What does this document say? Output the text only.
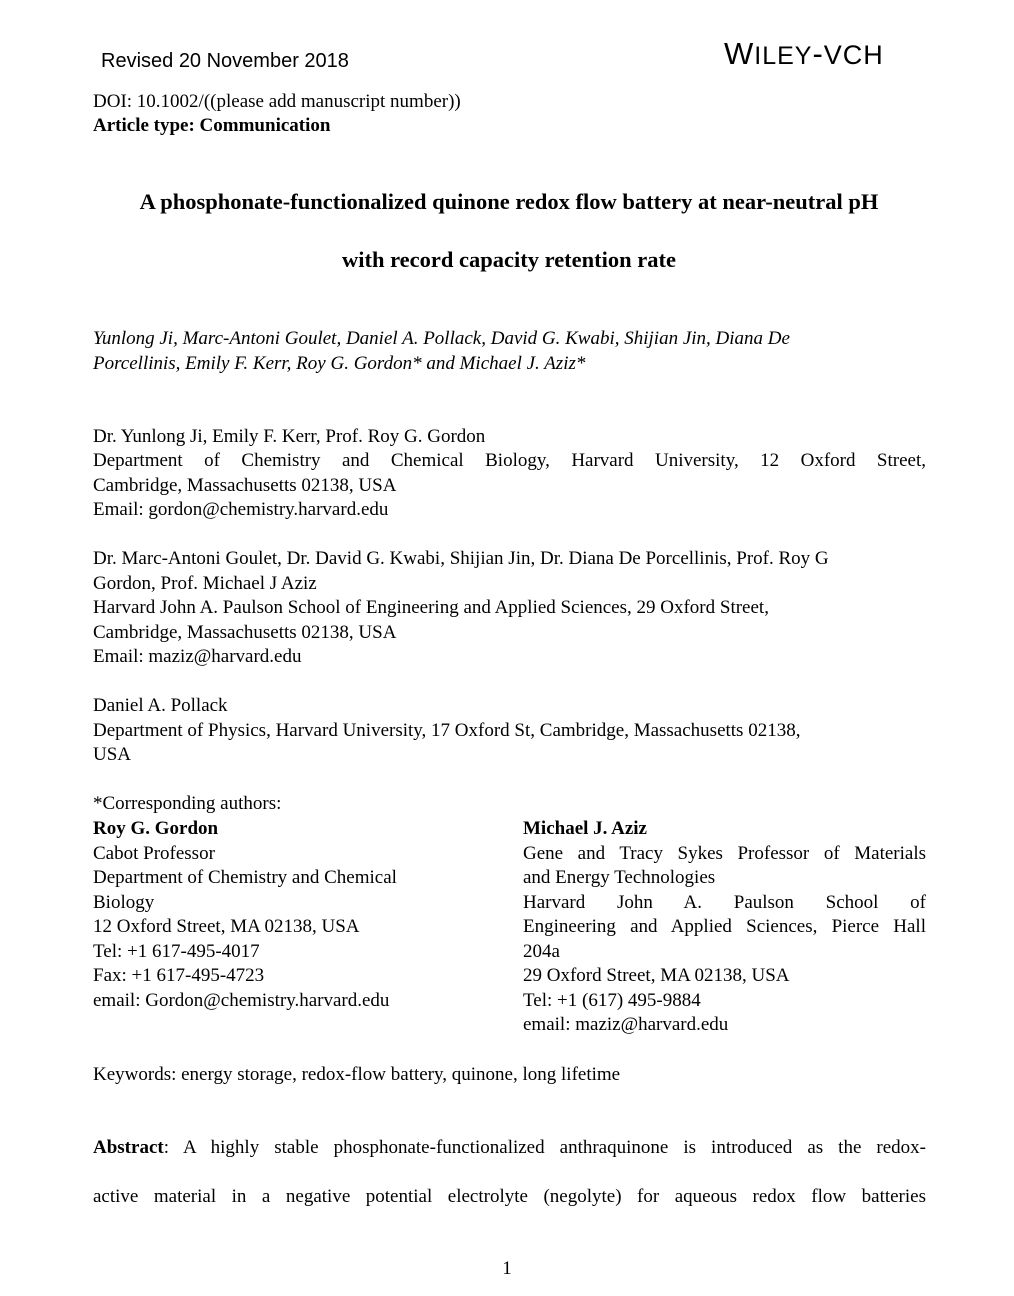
Revised 20 November 2018	WILEY-VCH
DOI: 10.1002/((please add manuscript number))
Article type: Communication
A phosphonate-functionalized quinone redox flow battery at near-neutral pH
with record capacity retention rate
Yunlong Ji, Marc-Antoni Goulet, Daniel A. Pollack, David G. Kwabi, Shijian Jin, Diana De
Porcellinis, Emily F. Kerr, Roy G. Gordon* and Michael J. Aziz*
Dr. Yunlong Ji, Emily F. Kerr, Prof. Roy G. Gordon
Department of Chemistry and Chemical Biology, Harvard University, 12 Oxford Street,
Cambridge, Massachusetts 02138, USA
Email: gordon@chemistry.harvard.edu
Dr. Marc-Antoni Goulet, Dr. David G. Kwabi, Shijian Jin, Dr. Diana De Porcellinis, Prof. Roy G
Gordon, Prof. Michael J Aziz
Harvard John A. Paulson School of Engineering and Applied Sciences, 29 Oxford Street,
Cambridge, Massachusetts 02138, USA
Email: maziz@harvard.edu
Daniel A. Pollack
Department of Physics, Harvard University, 17 Oxford St, Cambridge, Massachusetts 02138,
USA
*Corresponding authors:
Roy G. Gordon
Cabot Professor
Department of Chemistry and Chemical
Biology
12 Oxford Street, MA 02138, USA
Tel: +1 617-495-4017
Fax: +1 617-495-4723
email: Gordon@chemistry.harvard.edu
Michael J. Aziz
Gene and Tracy Sykes Professor of Materials
and Energy Technologies
Harvard John A. Paulson School of
Engineering and Applied Sciences, Pierce Hall
204a
29 Oxford Street, MA 02138, USA
Tel: +1 (617) 495-9884
email: maziz@harvard.edu
Keywords: energy storage, redox-flow battery, quinone, long lifetime
Abstract: A highly stable phosphonate-functionalized anthraquinone is introduced as the redox-
active material in a negative potential electrolyte (negolyte) for aqueous redox flow batteries
1
